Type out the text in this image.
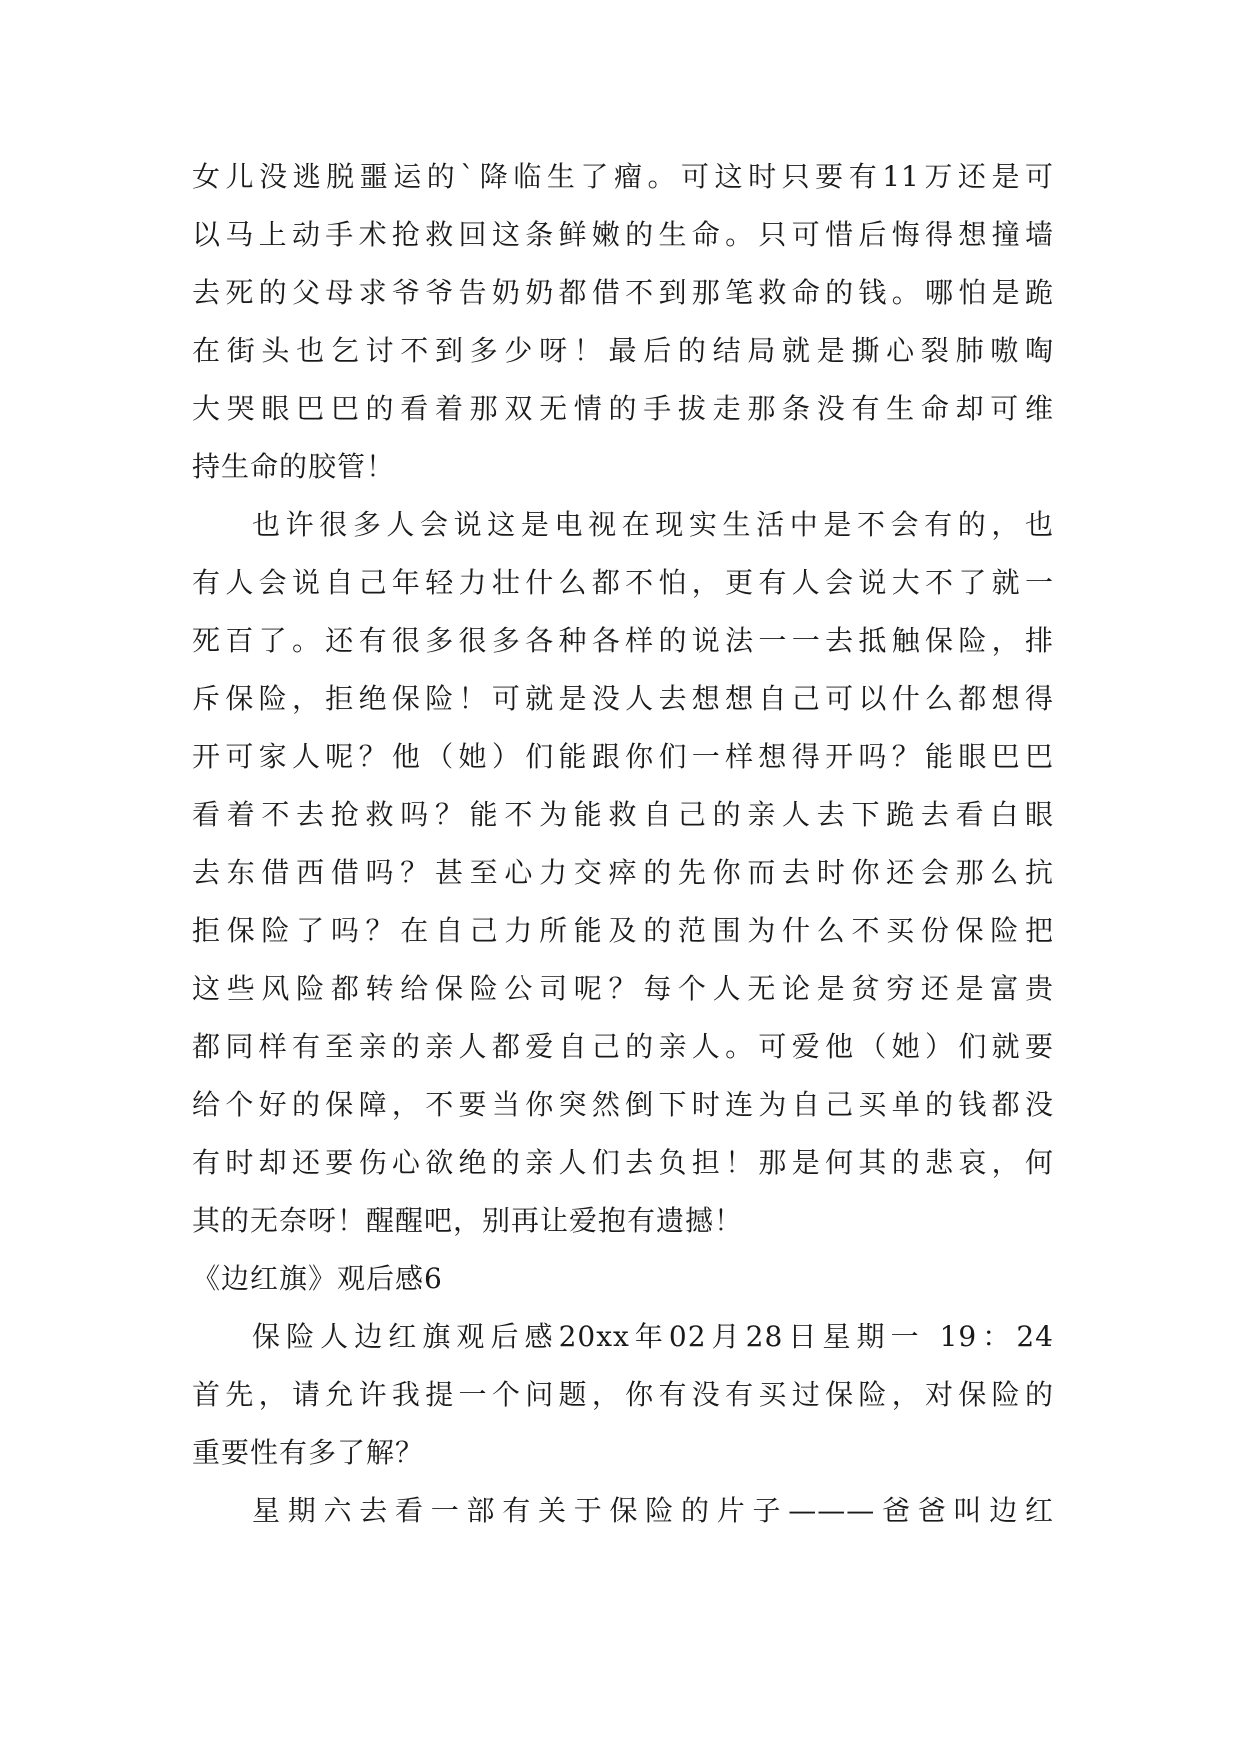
女儿没逃脱噩运的`降临生了瘤。可这时只要有11万还是可
以马上动手术抢救回这条鲜嫩的生命。只可惜后悔得想撞墙
去死的父母求爷爷告奶奶都借不到那笔救命的钱。哪怕是跪
在街头也乞讨不到多少呀！最后的结局就是撕心裂肺嗷啕
大哭眼巴巴的看着那双无情的手拔走那条没有生命却可维
持生命的胶管！
也许很多人会说这是电视在现实生活中是不会有的，也
有人会说自己年轻力壮什么都不怕，更有人会说大不了就一
死百了。还有很多很多各种各样的说法一一去抵触保险，排
斥保险，拒绝保险！可就是没人去想想自己可以什么都想得
开可家人呢？他（她）们能跟你们一样想得开吗？能眼巴巴
看着不去抢救吗？能不为能救自己的亲人去下跪去看白眼
去东借西借吗？甚至心力交瘁的先你而去时你还会那么抗
拒保险了吗？在自己力所能及的范围为什么不买份保险把
这些风险都转给保险公司呢？每个人无论是贫穷还是富贵
都同样有至亲的亲人都爱自己的亲人。可爱他（她）们就要
给个好的保障，不要当你突然倒下时连为自己买单的钱都没
有时却还要伤心欲绝的亲人们去负担！那是何其的悲哀，何
其的无奈呀！醒醒吧，别再让爱抱有遗撼！
《边红旗》观后感6
保险人边红旗观后感20xx年02月28日星期一 19：24
首先，请允许我提一个问题，你有没有买过保险，对保险的
重要性有多了解？
星期六去看一部有关于保险的片子———爸爸叫边红
